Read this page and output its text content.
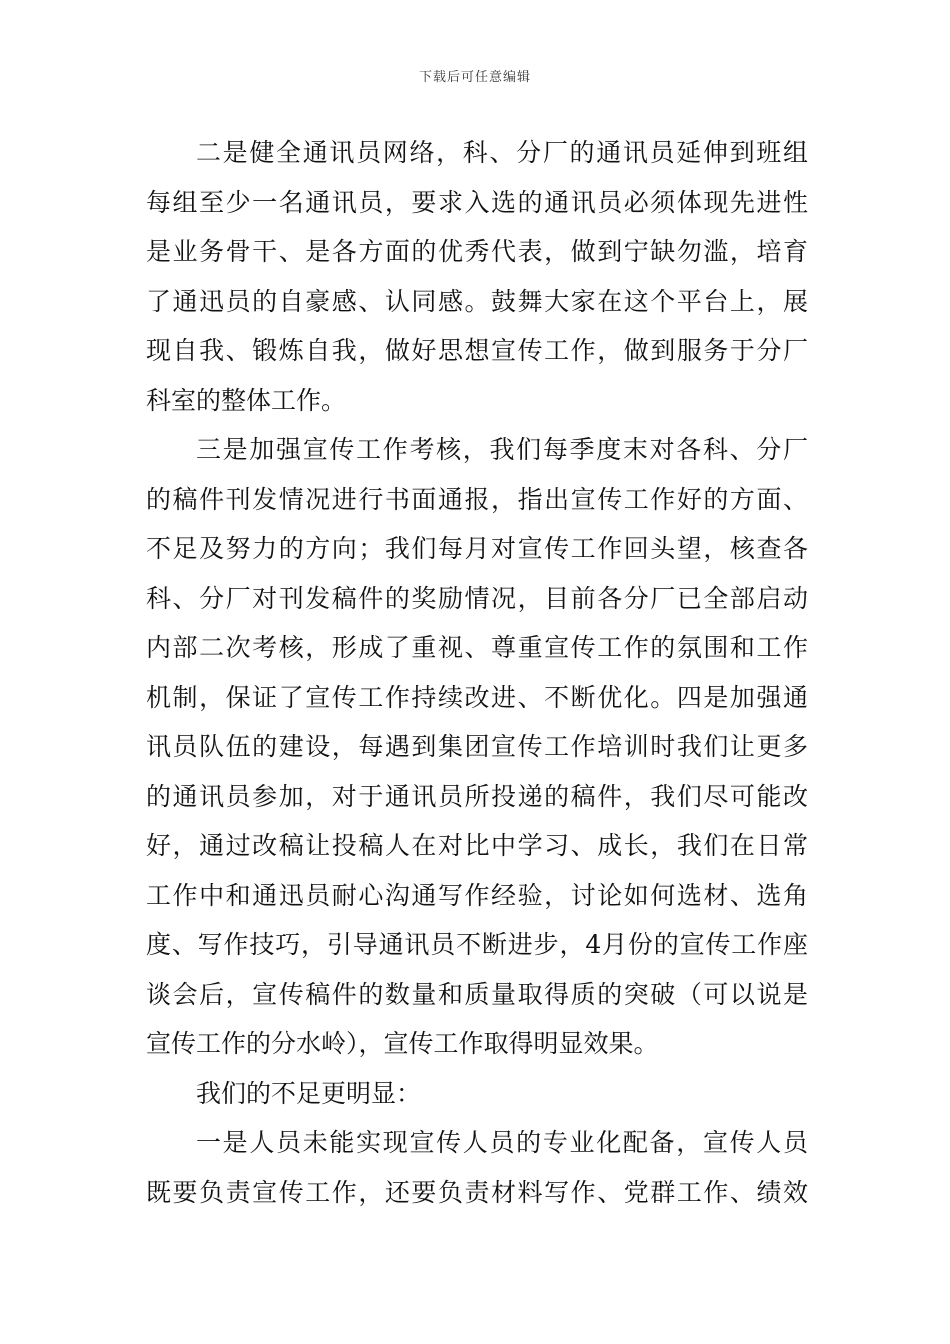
下载后可任意编辑
二是健全通讯员网络，科、分厂的通讯员延伸到班组
每组至少一名通讯员，要求入选的通讯员必须体现先进性
是业务骨干、是各方面的优秀代表，做到宁缺勿滥，培育
了通迅员的自豪感、认同感。鼓舞大家在这个平台上，展
现自我、锻炼自我，做好思想宣传工作，做到服务于分厂
科室的整体工作。
三是加强宣传工作考核，我们每季度末对各科、分厂
的稿件刊发情况进行书面通报，指出宣传工作好的方面、
不足及努力的方向；我们每月对宣传工作回头望，核查各
科、分厂对刊发稿件的奖励情况，目前各分厂已全部启动
内部二次考核，形成了重视、尊重宣传工作的氛围和工作
机制，保证了宣传工作持续改进、不断优化。四是加强通
讯员队伍的建设，每遇到集团宣传工作培训时我们让更多
的通讯员参加，对于通讯员所投递的稿件，我们尽可能改
好，通过改稿让投稿人在对比中学习、成长，我们在日常
工作中和通迅员耐心沟通写作经验，讨论如何选材、选角
度、写作技巧，引导通讯员不断进步，4月份的宣传工作座
谈会后，宣传稿件的数量和质量取得质的突破（可以说是
宣传工作的分水岭），宣传工作取得明显效果。
我们的不足更明显：
一是人员未能实现宣传人员的专业化配备，宣传人员
既要负责宣传工作，还要负责材料写作、党群工作、绩效
